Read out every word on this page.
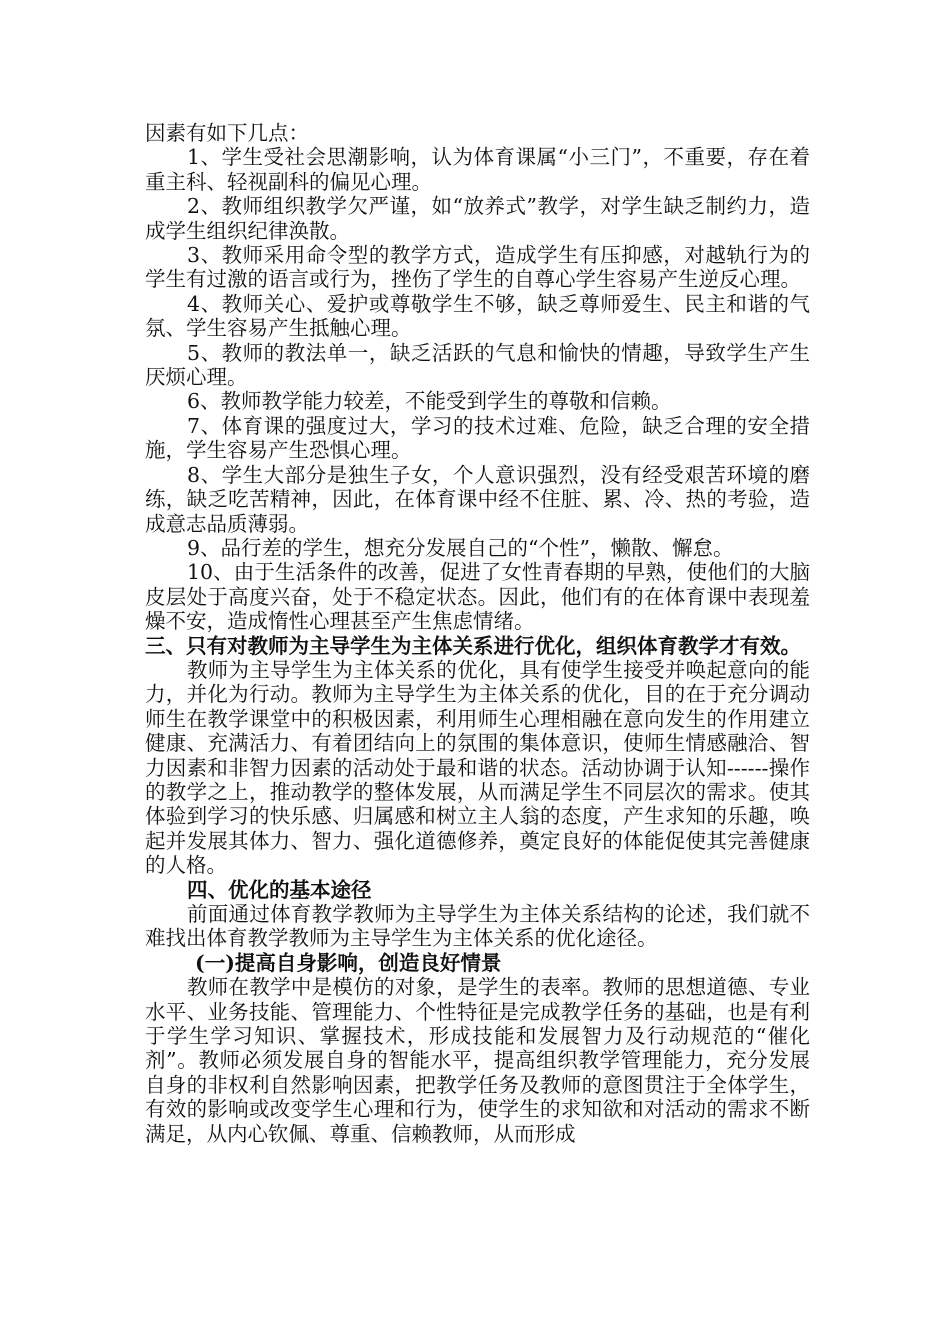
因素有如下几点：

1、学生受社会思潮影响，认为体育课属“小三门”，不重要，存在着重主科、轻视副科的偏见心理。

2、教师组织教学欠严谨，如“放养式”教学，对学生缺乏制约力，造成学生组织纪律涣散。

3、教师采用命令型的教学方式，造成学生有压抑感，对越轨行为的学生有过激的语言或行为，挫伤了学生的自尊心学生容易产生逆反心理。

4、教师关心、爱护或尊敬学生不够，缺乏尊师爱生、民主和谐的气氛、学生容易产生抵触心理。

5、教师的教法单一，缺乏活跃的气息和愉快的情趣，导致学生产生厌烦心理。

6、教师教学能力较差，不能受到学生的尊敬和信赖。

7、体育课的强度过大，学习的技术过难、危险，缺乏合理的安全措施，学生容易产生恐惧心理。

8、学生大部分是独生子女，个人意识强烈，没有经受艰苦环境的磨练，缺乏吃苦精神，因此，在体育课中经不住脏、累、冷、热的考验，造成意志品质薄弱。

9、品行差的学生，想充分发展自己的“个性”，懒散、懈怠。

10、由于生活条件的改善，促进了女性青春期的早熟，使他们的大脑皮层处于高度兴奋，处于不稳定状态。因此，他们有的在体育课中表现羞燥不安，造成惰性心理甚至产生焦虑情绪。

三、只有对教师为主导学生为主体关系进行优化，组织体育教学才有效。

教师为主导学生为主体关系的优化，具有使学生接受并唤起意向的能力，并化为行动。教师为主导学生为主体关系的优化，目的在于充分调动师生在教学课堂中的积极因素，利用师生心理相融在意向发生的作用建立健康、充满活力、有着团结向上的氛围的集体意识，使师生情感融洽、智力因素和非智力因素的活动处于最和谐的状态。活动协调于认知------操作的教学之上，推动教学的整体发展，从而满足学生不同层次的需求。使其体验到学习的快乐感、归属感和树立主人翁的态度，产生求知的乐趣，唤起并发展其体力、智力、强化道德修养，奠定良好的体能促使其完善健康的人格。

四、优化的基本途径

前面通过体育教学教师为主导学生为主体关系结构的论述，我们就不难找出体育教学教师为主导学生为主体关系的优化途径。

(一)提高自身影响，创造良好情景

教师在教学中是模仿的对象，是学生的表率。教师的思想道德、专业水平、业务技能、管理能力、个性特征是完成教学任务的基础，也是有利于学生学习知识、掌握技术，形成技能和发展智力及行动规范的“催化剂”。教师必须发展自身的智能水平，提高组织教学管理能力，充分发展自身的非权利自然影响因素，把教学任务及教师的意图贯注于全体学生，有效的影响或改变学生心理和行为，使学生的求知欲和对活动的需求不断满足，从内心钦佩、尊重、信赖教师，从而形成
